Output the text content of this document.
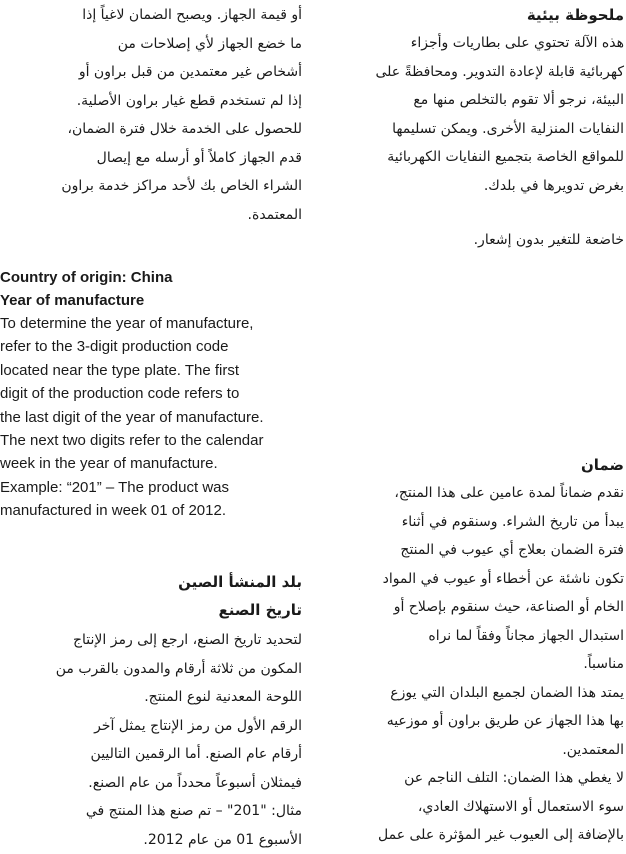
أو قيمة الجهاز. ويصبح الضمان لاغياً إذا

ما خضع الجهاز لأي إصلاحات من

أشخاص غير معتمدين من قبل براون أو

إذا لم تستخدم قطع غيار براون الأصلية.

للحصول على الخدمة خلال فترة الضمان،

قدم الجهاز كاملاً أو أرسله مع إيصال

الشراء الخاص بك لأحد مراكز خدمة براون

المعتمدة.

Country of origin: China

Year of manufacture

To determine the year of manufacture,

refer to the 3-digit production code

located near the type plate. The first

digit of the production code refers to

the last digit of the year of manufacture.

The next two digits refer to the calendar

week in the year of manufacture.

Example: “201” – The product was

manufactured in week 01 of 2012.

بلد المنشأ الصين

تاريخ الصنع

لتحديد تاريخ الصنع، ارجع إلى رمز الإنتاج

المكون من ثلاثة أرقام والمدون بالقرب من

اللوحة المعدنية لنوع المنتج.

الرقم الأول من رمز الإنتاج يمثل آخر

أرقام عام الصنع. أما الرقمين التاليين

فيمثلان أسبوعاً محدداً من عام الصنع.

مثال: "201" – تم صنع هذا المنتج في

الأسبوع 01 من عام 2012.

ملحوظة بيئية

هذه الآلة تحتوي على بطاريات وأجزاء

كهربائية قابلة لإعادة التدوير. ومحافظةً على

البيئة، نرجو ألا تقوم بالتخلص منها مع

النفايات المنزلية الأخرى. ويمكن تسليمها

للمواقع الخاصة بتجميع النفايات الكهربائية

بغرض تدويرها في بلدك.

خاضعة للتغير بدون إشعار.

ضمان

نقدم ضماناً لمدة عامين على هذا المنتج،

يبدأ من تاريخ الشراء. وسنقوم في أثناء

فترة الضمان بعلاج أي عيوب في المنتج

تكون ناشئة عن أخطاء أو عيوب في المواد

الخام أو الصناعة، حيث سنقوم بإصلاح أو

استبدال الجهاز مجاناً وفقاً لما نراه

مناسباً.

يمتد هذا الضمان لجميع البلدان التي يوزع

بها هذا الجهاز عن طريق براون أو موزعيه

المعتمدين.

لا يغطي هذا الضمان: التلف الناجم عن

سوء الاستعمال أو الاستهلاك العادي،

بالإضافة إلى العيوب غير المؤثرة على عمل
